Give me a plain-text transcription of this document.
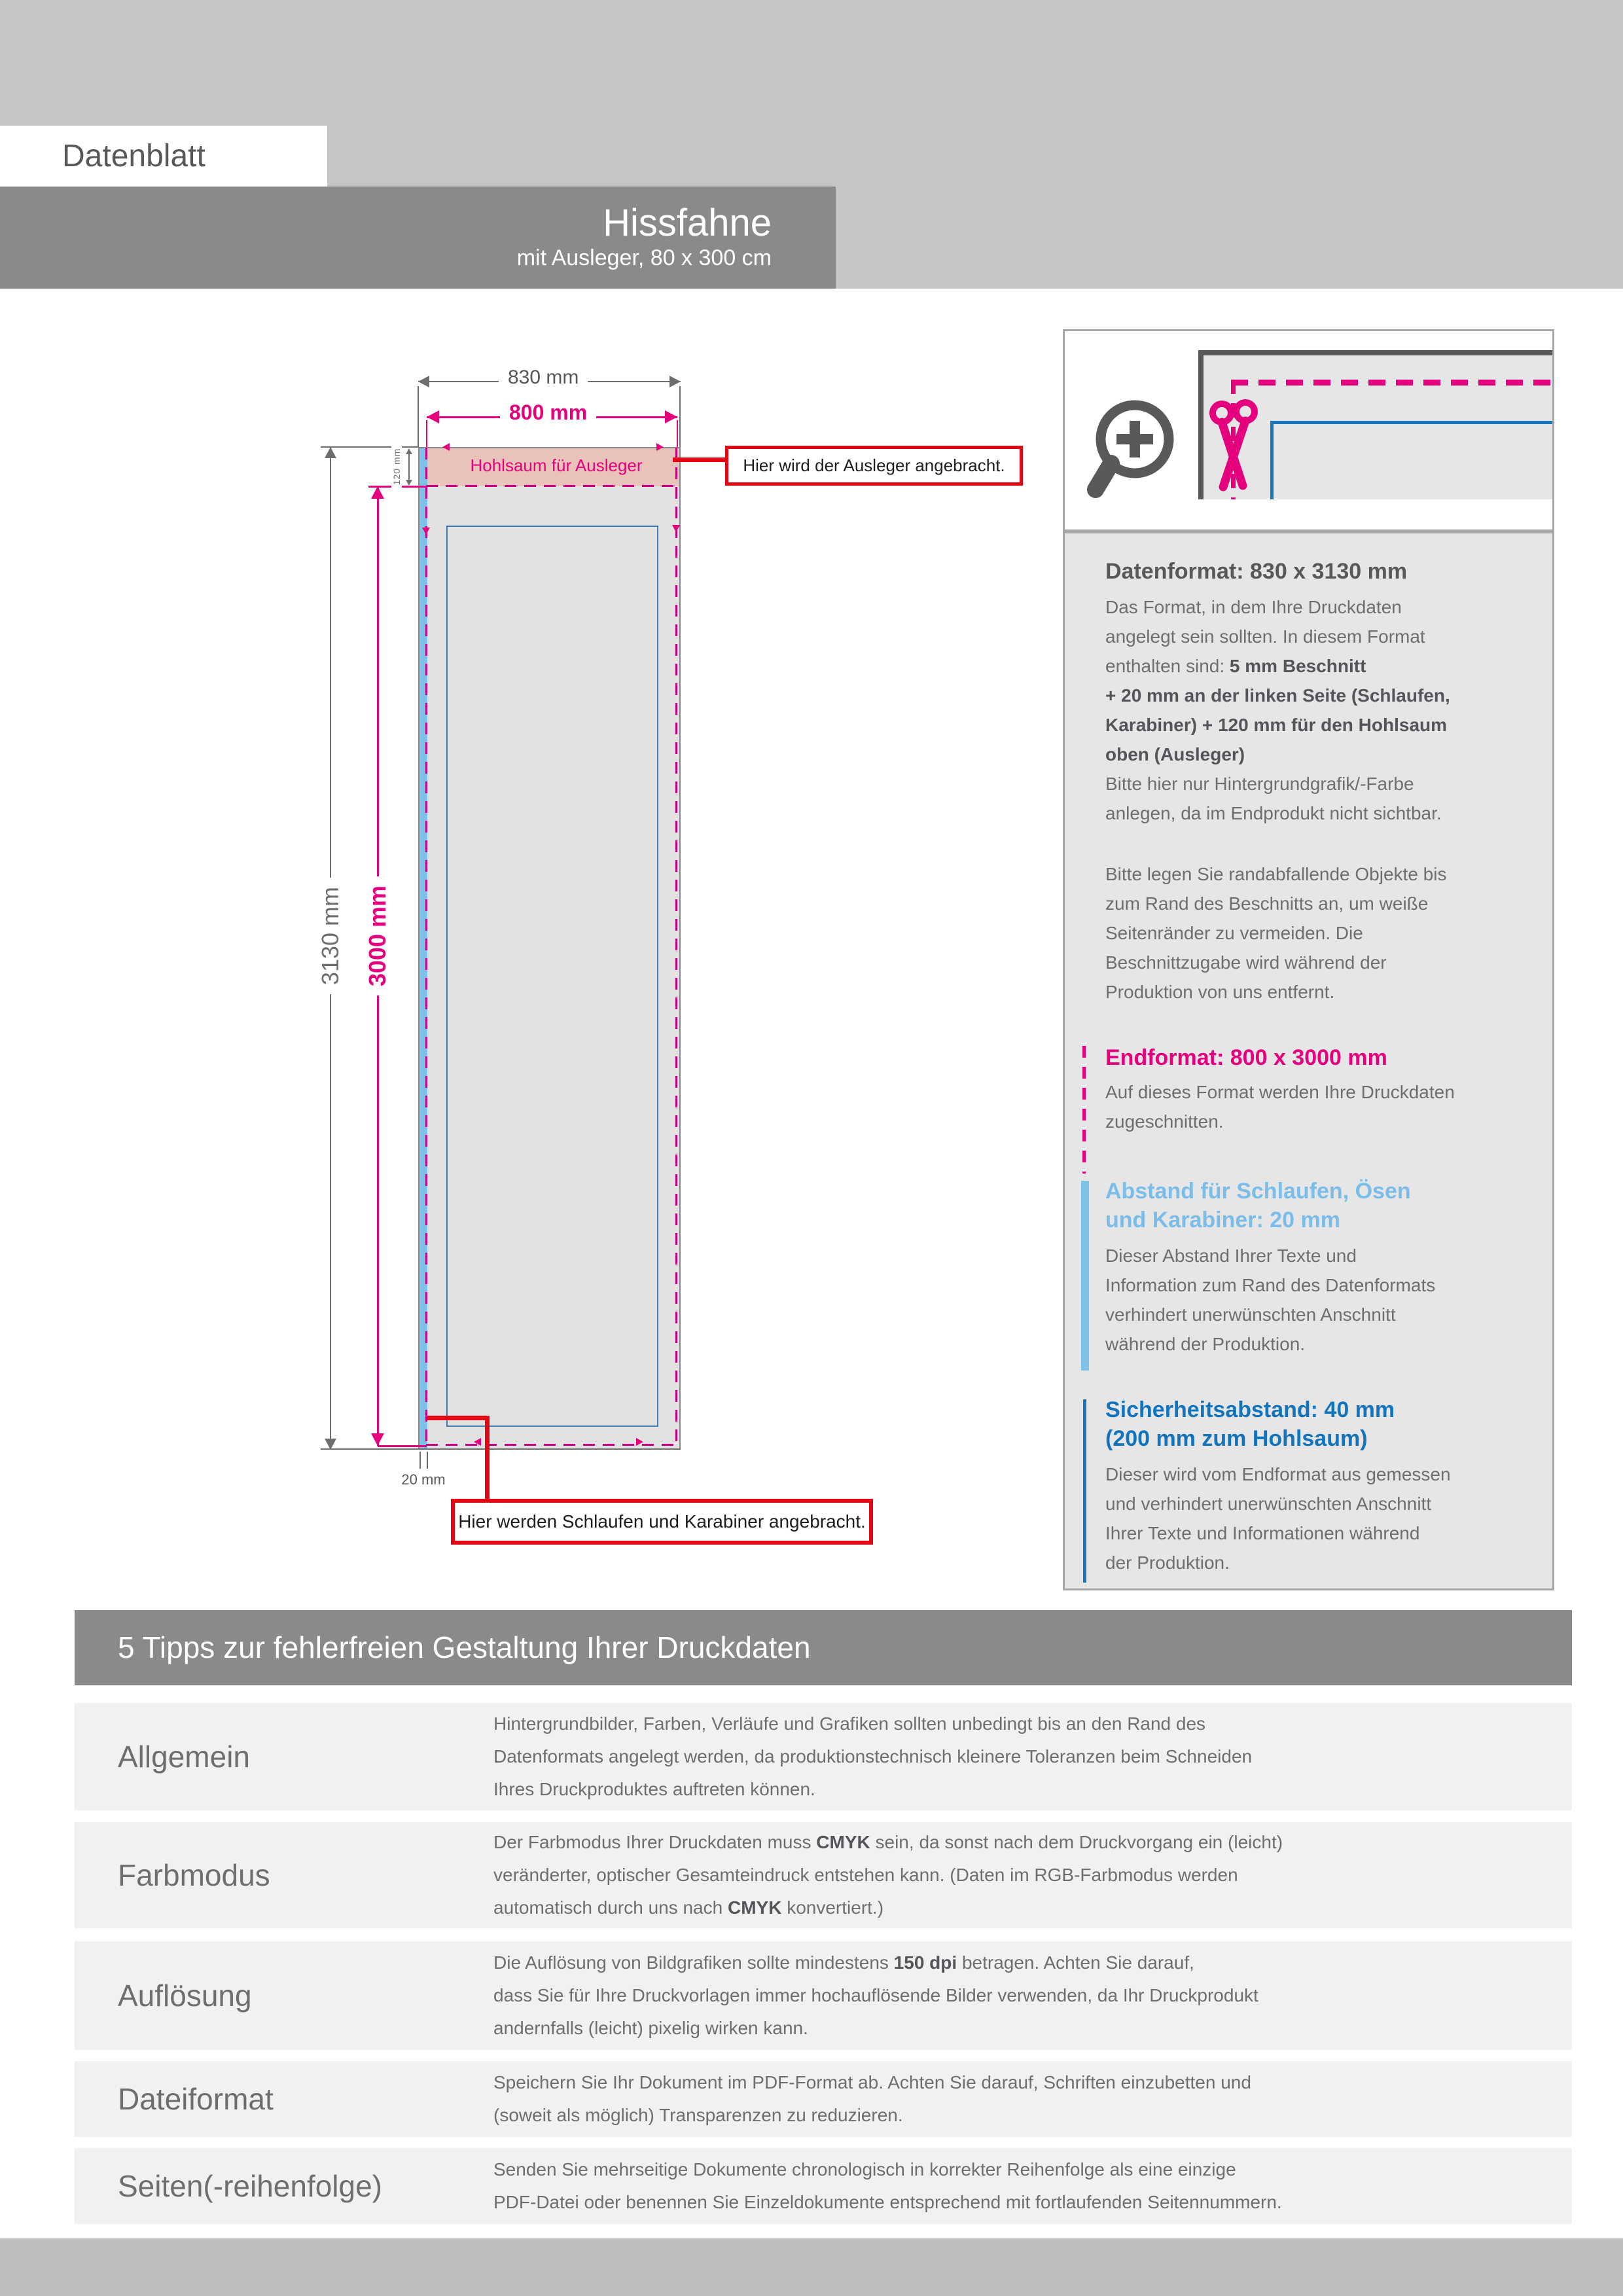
Datenblatt
Hissfahne
mit Ausleger, 80 x 300 cm
830 mm
800 mm
Hohlsaum für Ausleger
3130 mm 3000 mm
120 mm
20 mm
Hier wird der Ausleger angebracht.
Hier werden Schlaufen und Karabiner angebracht.
Datenformat: 830 x 3130 mm

Das Format, in dem Ihre Druckdaten
angelegt sein sollten. In diesem Format
enthalten sind: 5 mm Beschnitt
+ 20 mm an der linken Seite (Schlaufen,
Karabiner) + 120 mm für den Hohlsaum
oben (Ausleger)
Bitte hier nur Hintergrundgrafik/-Farbe
anlegen, da im Endprodukt nicht sichtbar.

Bitte legen Sie randabfallende Objekte bis
zum Rand des Beschnitts an, um weiße
Seitenränder zu vermeiden. Die
Beschnittzugabe wird während der
Produktion von uns entfernt.

Endformat: 800 x 3000 mm

Auf dieses Format werden Ihre Druckdaten
zugeschnitten.

Abstand für Schlaufen, Ösen
und Karabiner: 20 mm

Dieser Abstand Ihrer Texte und
Information zum Rand des Datenformats
verhindert unerwünschten Anschnitt
während der Produktion.

Sicherheitsabstand: 40 mm
(200 mm zum Hohlsaum)

Dieser wird vom Endformat aus gemessen
und verhindert unerwünschten Anschnitt
Ihrer Texte und Informationen während
der Produktion.

5 Tipps zur fehlerfreien Gestaltung Ihrer Druckdaten
Allgemein
Hintergrundbilder, Farben, Verläufe und Grafiken sollten unbedingt bis an den Rand des
Datenformats angelegt werden, da produktionstechnisch kleinere Toleranzen beim Schneiden
Ihres Druckproduktes auftreten können.
Farbmodus
Der Farbmodus Ihrer Druckdaten muss CMYK sein, da sonst nach dem Druckvorgang ein (leicht)
veränderter, optischer Gesamteindruck entstehen kann. (Daten im RGB-Farbmodus werden
automatisch durch uns nach CMYK konvertiert.)
Auflösung
Die Auflösung von Bildgrafiken sollte mindestens 150 dpi betragen. Achten Sie darauf,
dass Sie für Ihre Druckvorlagen immer hochauflösende Bilder verwenden, da Ihr Druckprodukt
andernfalls (leicht) pixelig wirken kann.
Dateiformat	Speichern Sie Ihr Dokument im PDF-Format ab. Achten Sie darauf, Schriften einzubetten und
(soweit als möglich) Transparenzen zu reduzieren.
Seiten(-reihenfolge)	Senden Sie mehrseitige Dokumente chronologisch in korrekter Reihenfolge als eine einzige
PDF-Datei oder benennen Sie Einzeldokumente entsprechend mit fortlaufenden Seitennummern.
